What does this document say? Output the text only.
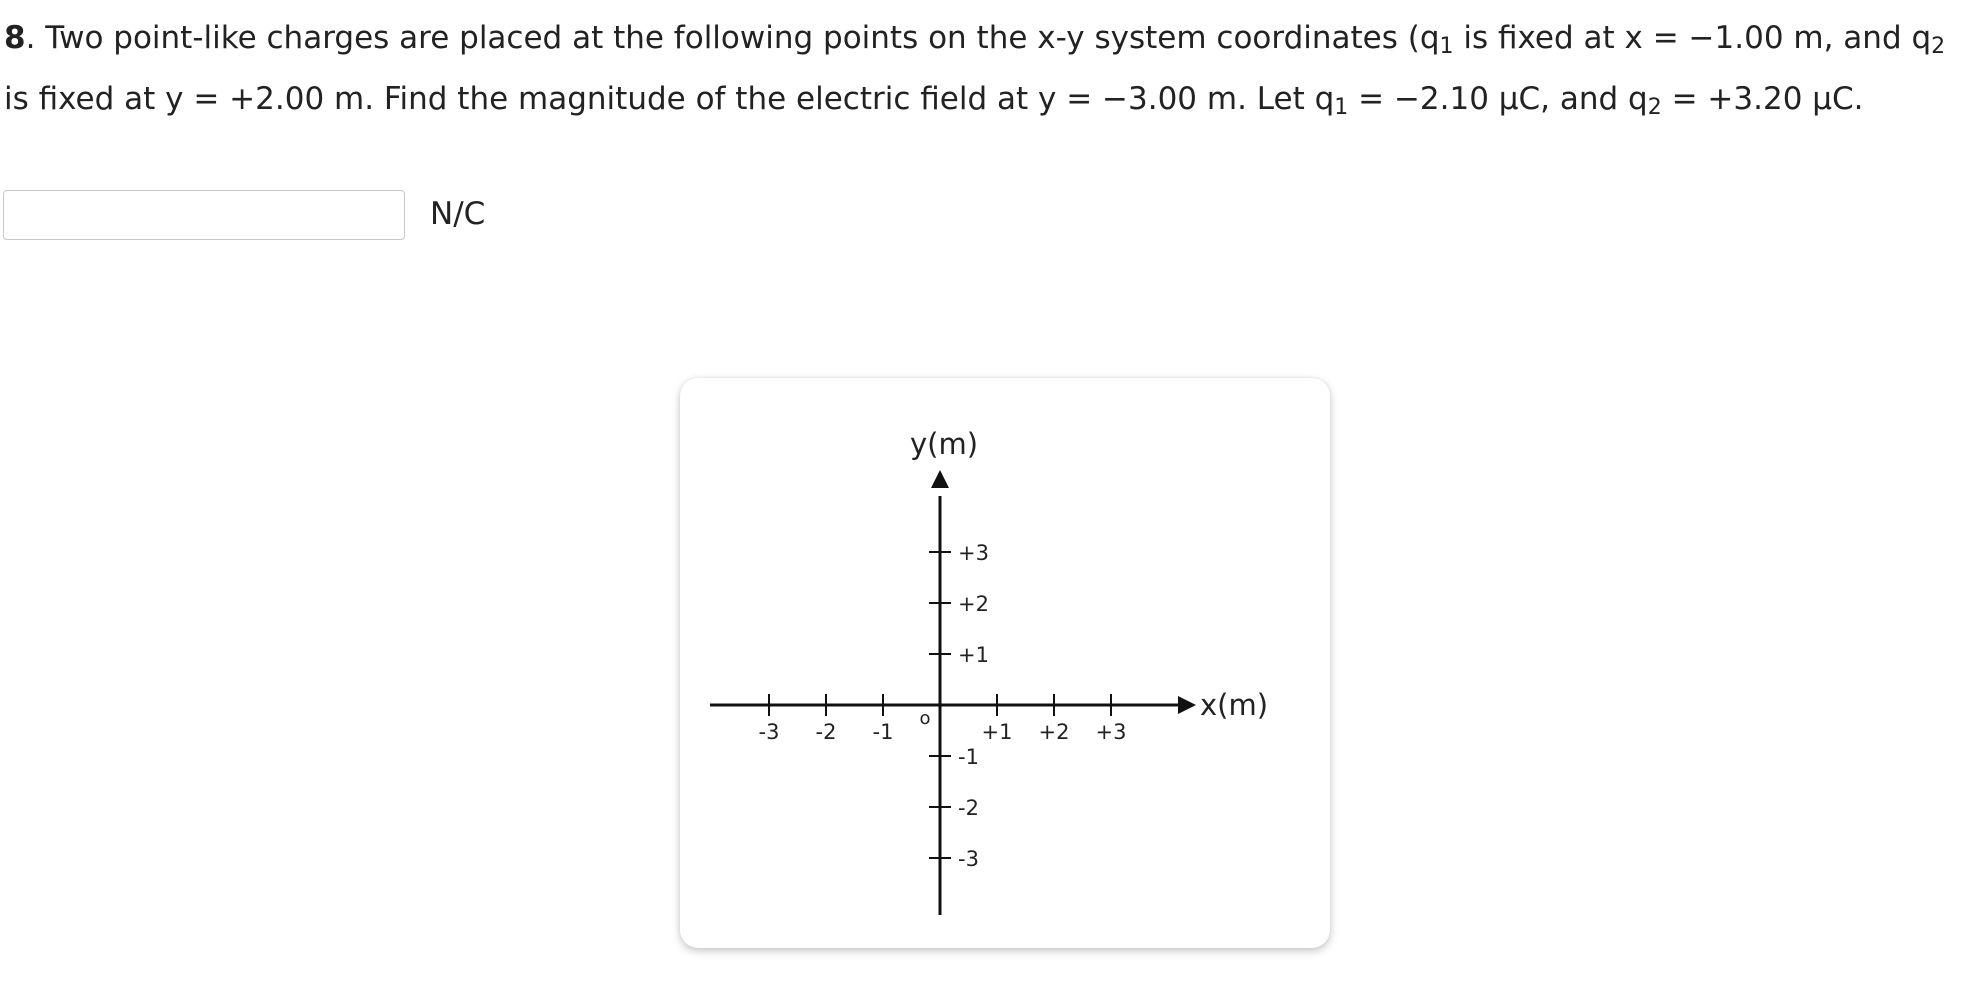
8. Two point-like charges are placed at the following points on the x-y system coordinates ($q_1$ is fixed at x = −1.00 m, and $q_2$ is fixed at y = +2.00 m. Find the magnitude of the electric field at y = −3.00 m. Let $q_1 = -2.10$ μC, and $q_2 = +3.20$ μC.

N/C
y(m)
x(m)
o
-3 -2 -1	+1 +2 +3
+3
+2
+1
-1
-2
-3
